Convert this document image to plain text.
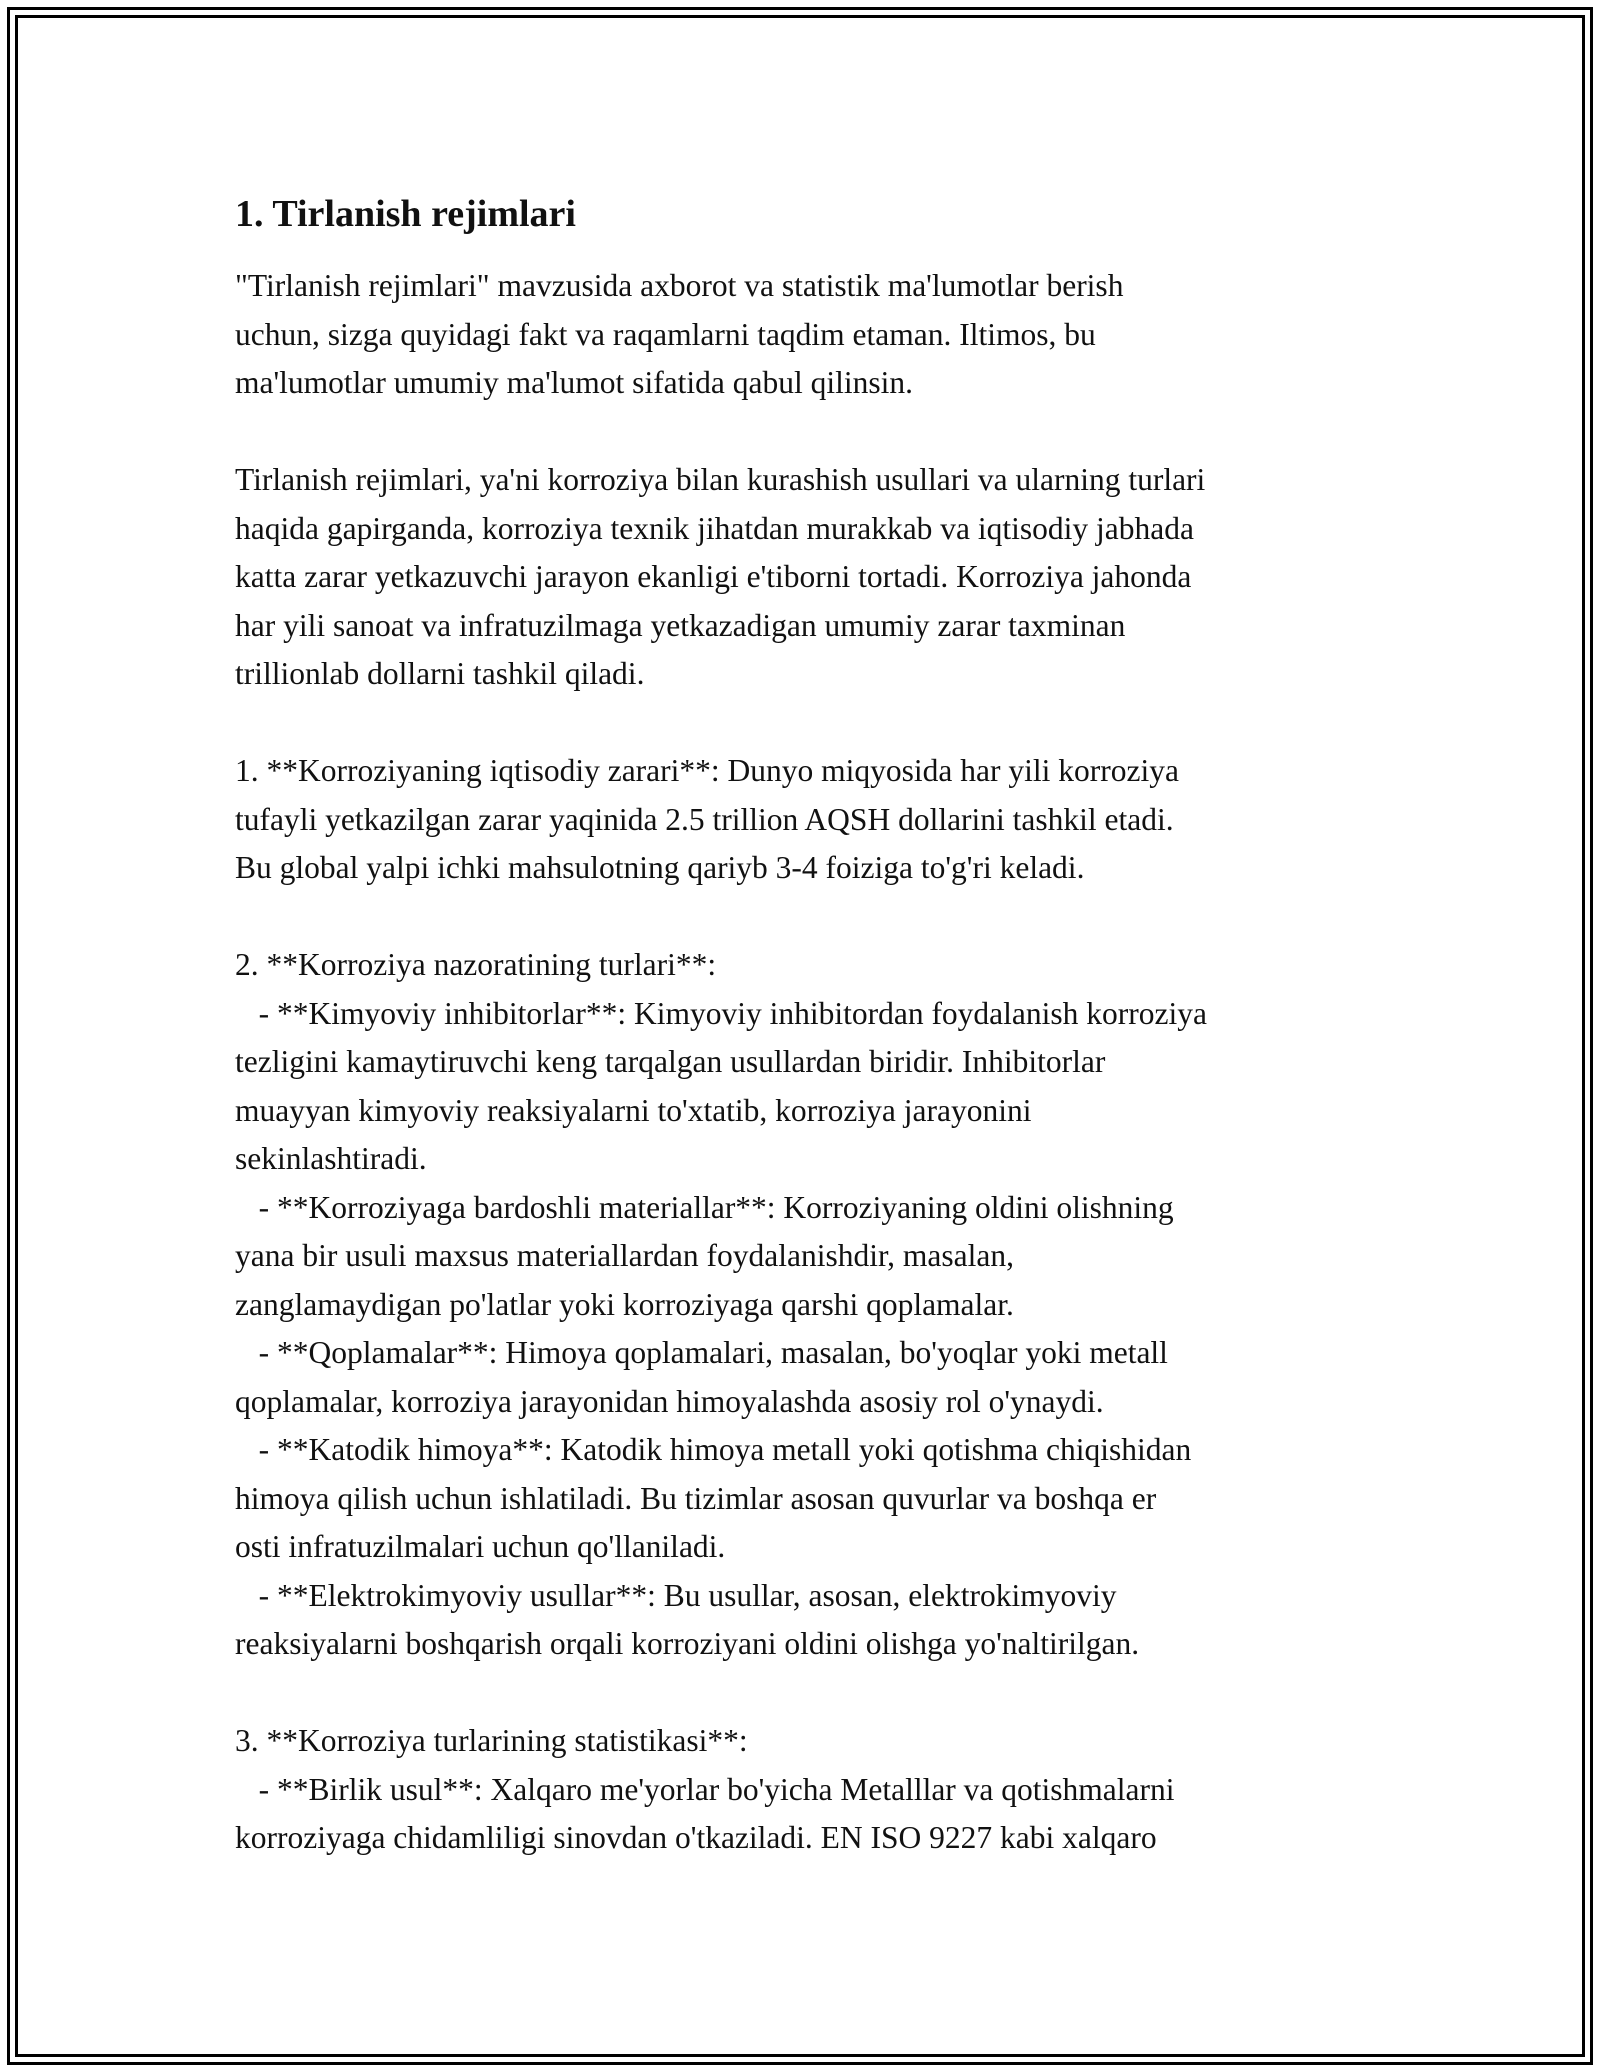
1. Tirlanish rejimlari

"Tirlanish rejimlari" mavzusida axborot va statistik ma'lumotlar berish

uchun, sizga quyidagi fakt va raqamlarni taqdim etaman. Iltimos, bu

ma'lumotlar umumiy ma'lumot sifatida qabul qilinsin.

Tirlanish rejimlari, ya'ni korroziya bilan kurashish usullari va ularning turlari

haqida gapirganda, korroziya texnik jihatdan murakkab va iqtisodiy jabhada

katta zarar yetkazuvchi jarayon ekanligi e'tiborni tortadi. Korroziya jahonda

har yili sanoat va infratuzilmaga yetkazadigan umumiy zarar taxminan

trillionlab dollarni tashkil qiladi.

1. **Korroziyaning iqtisodiy zarari**: Dunyo miqyosida har yili korroziya

tufayli yetkazilgan zarar yaqinida 2.5 trillion AQSH dollarini tashkil etadi.

Bu global yalpi ichki mahsulotning qariyb 3-4 foiziga to'g'ri keladi.

2. **Korroziya nazoratining turlari**:

- **Kimyoviy inhibitorlar**: Kimyoviy inhibitordan foydalanish korroziya

tezligini kamaytiruvchi keng tarqalgan usullardan biridir. Inhibitorlar

muayyan kimyoviy reaksiyalarni to'xtatib, korroziya jarayonini

sekinlashtiradi.

- **Korroziyaga bardoshli materiallar**: Korroziyaning oldini olishning

yana bir usuli maxsus materiallardan foydalanishdir, masalan,

zanglamaydigan po'latlar yoki korroziyaga qarshi qoplamalar.

- **Qoplamalar**: Himoya qoplamalari, masalan, bo'yoqlar yoki metall

qoplamalar, korroziya jarayonidan himoyalashda asosiy rol o'ynaydi.

- **Katodik himoya**: Katodik himoya metall yoki qotishma chiqishidan

himoya qilish uchun ishlatiladi. Bu tizimlar asosan quvurlar va boshqa er

osti infratuzilmalari uchun qo'llaniladi.

- **Elektrokimyoviy usullar**: Bu usullar, asosan, elektrokimyoviy

reaksiyalarni boshqarish orqali korroziyani oldini olishga yo'naltirilgan.

3. **Korroziya turlarining statistikasi**:

- **Birlik usul**: Xalqaro me'yorlar bo'yicha Metalllar va qotishmalarni

korroziyaga chidamliligi sinovdan o'tkaziladi. EN ISO 9227 kabi xalqaro
